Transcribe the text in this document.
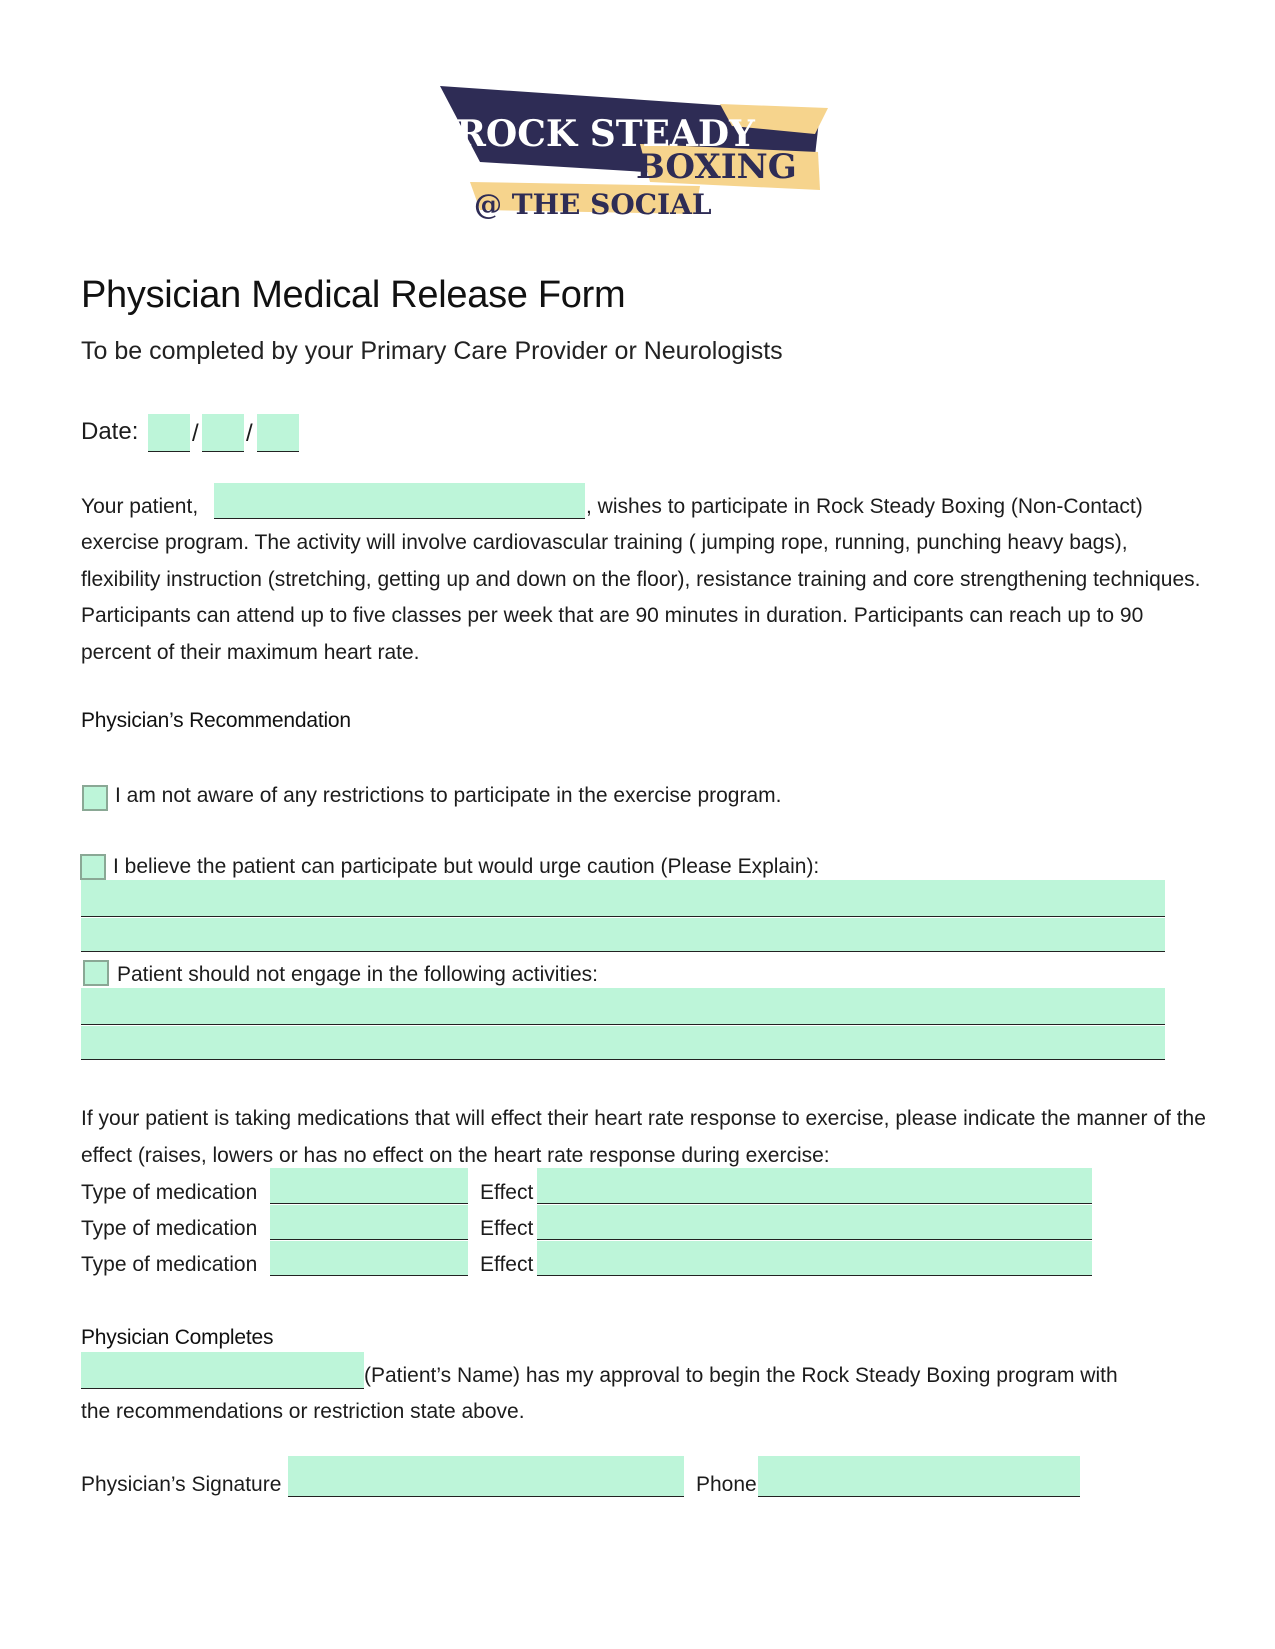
ROCK STEADY
BOXING
@ THE SOCIAL
Physician Medical Release Form
To be completed by your Primary Care Provider or Neurologists
Date: / /
Your patient,	, wishes to participate in Rock Steady Boxing (Non-Contact)
exercise program. The activity will involve cardiovascular training ( jumping rope, running, punching heavy bags), flexibility instruction (stretching, getting up and down on the floor), resistance training and core strengthening techniques. Participants can attend up to five classes per week that are 90 minutes in duration. Participants can reach up to 90 percent of their maximum heart rate.
Physician’s Recommendation
I am not aware of any restrictions to participate in the exercise program.
I believe the patient can participate but would urge caution (Please Explain):
Patient should not engage in the following activities:
If your patient is taking medications that will effect their heart rate response to exercise, please indicate the manner of the effect (raises, lowers or has no effect on the heart rate response during exercise:
Type of medication	Effect
Type of medication	Effect
Type of medication	Effect
Physician Completes
(Patient’s Name) has my approval to begin the Rock Steady Boxing program with
the recommendations or restriction state above.
Physician’s Signature	Phone
